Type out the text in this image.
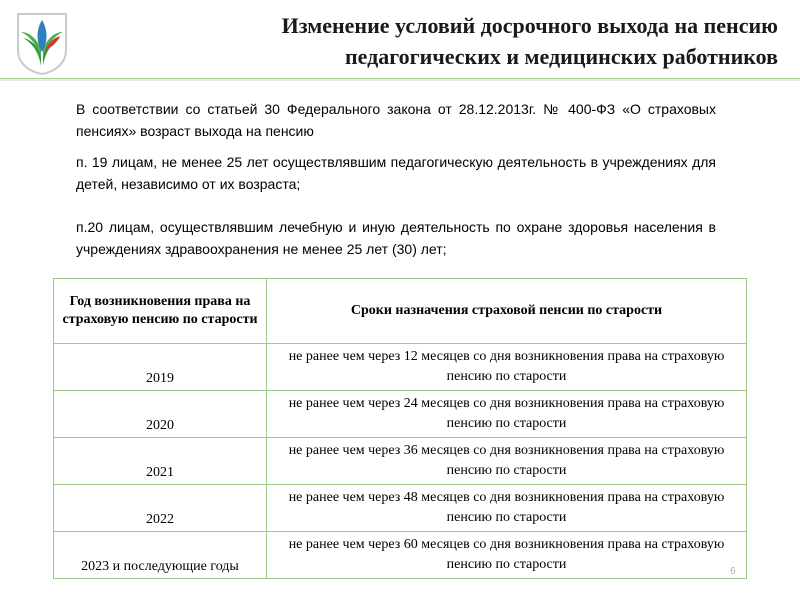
Изменение условий досрочного выхода на пенсию
педагогических и медицинских работников
В соответствии со статьей 30 Федерального закона от 28.12.2013г. № 400-ФЗ «О страховых пенсиях» возраст выхода на пенсию
п. 19 лицам, не менее 25 лет осуществлявшим педагогическую деятельность в учреждениях для детей, независимо от их возраста;
п.20 лицам, осуществлявшим лечебную и иную деятельность по охране здоровья населения в учреждениях здравоохранения не менее 25 лет (30) лет;
Год возникновения права на страховую пенсию по старости	Сроки назначения страховой пенсии по старости
2019	не ранее чем через 12 месяцев со дня возникновения права на страховую пенсию по старости
2020	не ранее чем через 24 месяцев со дня возникновения права на страховую пенсию по старости
2021	не ранее чем через 36 месяцев со дня возникновения права на страховую пенсию по старости
2022	не ранее чем через 48 месяцев со дня возникновения права на страховую пенсию по старости
2023 и последующие годы	не ранее чем через 60 месяцев со дня возникновения права на страховую пенсию по старости	6
